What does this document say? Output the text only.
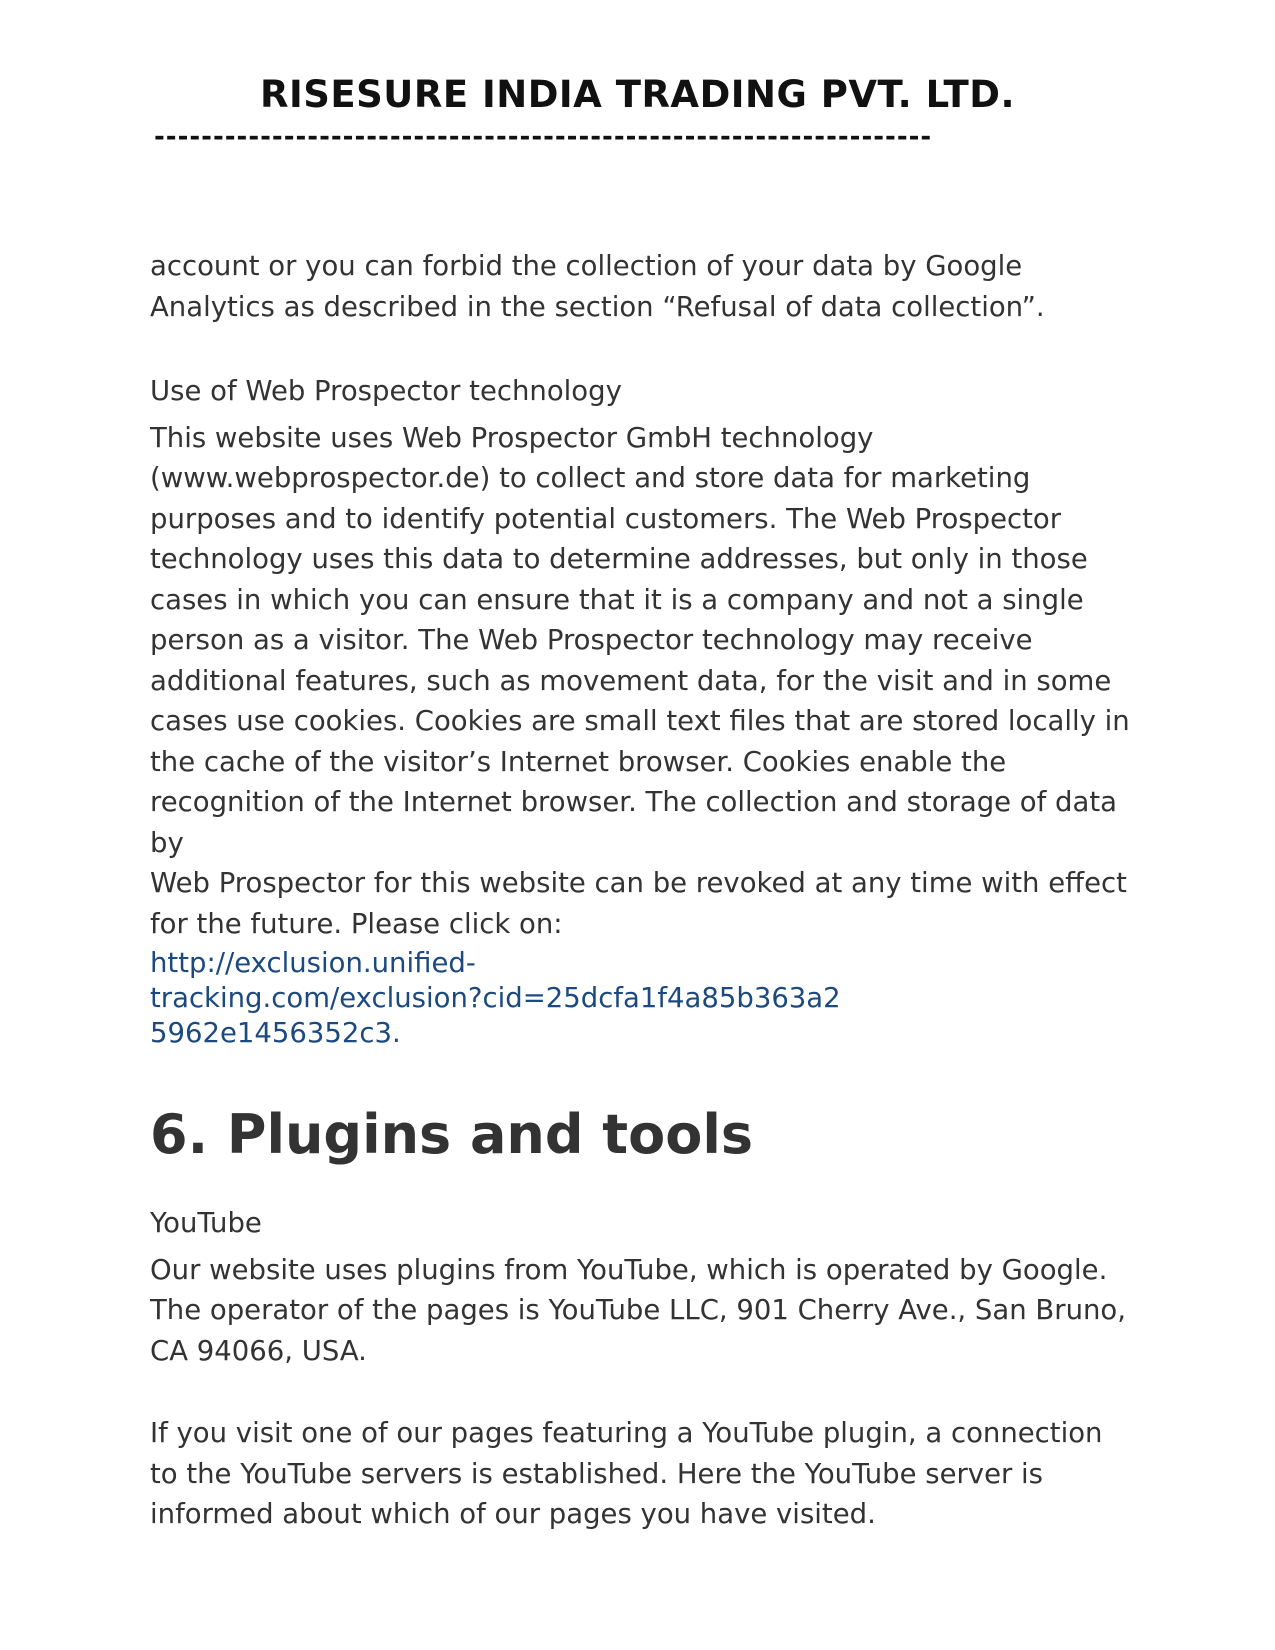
RISESURE INDIA TRADING PVT. LTD.
------------------------------------------------------------------

account or you can forbid the collection of your data by Google Analytics as described in the section “Refusal of data collection”.

Use of Web Prospector technology

This website uses Web Prospector GmbH technology (www.webprospector.de) to collect and store data for marketing purposes and to identify potential customers. The Web Prospector technology uses this data to determine addresses, but only in those cases in which you can ensure that it is a company and not a single person as a visitor. The Web Prospector technology may receive additional features, such as movement data, for the visit and in some

cases use cookies. Cookies are small text files that are stored locally in the cache of the visitor’s Internet browser. Cookies enable the recognition of the Internet browser. The collection and storage of data by

Web Prospector for this website can be revoked at any time with effect for the future. Please click on:

http://exclusion.unified-
tracking.com/exclusion?cid=25dcfa1f4a85b363a2
5962e1456352c3.
6. Plugins and tools

YouTube

Our website uses plugins from YouTube, which is operated by Google. The operator of the pages is YouTube LLC, 901 Cherry Ave., San Bruno, CA 94066, USA.

If you visit one of our pages featuring a YouTube plugin, a connection to the YouTube servers is established. Here the YouTube server is informed about which of our pages you have visited.
